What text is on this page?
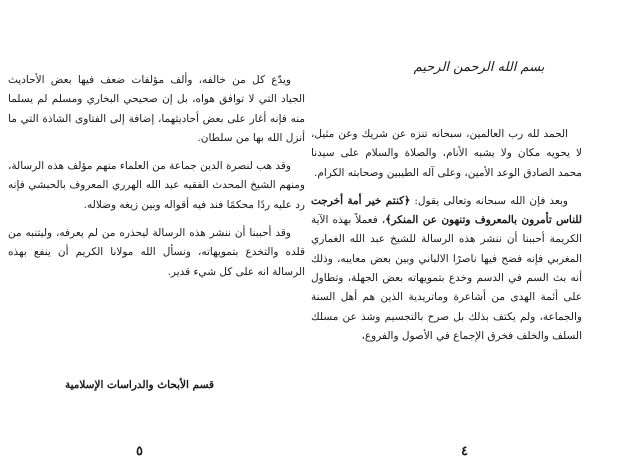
ويدّع كل من خالفه، وألف مؤلفات ضعف فيها بعض الأحاديث الجياد التي لا توافق هواه، بل إن صحيحي البخاري ومسلم لم يسلما منه فإنه أغار على بعض أحاديثهما، إضافة إلى الفتاوى الشاذة التي ما أنزل الله بها من سلطان.

وقد هب لنصرة الدين جماعة من العلماء منهم مؤلف هذه الرسالة، ومنهم الشيخ المحدث الفقيه عبد الله الهرري المعروف بالحبشي فإنه رد عليه ردًا محكمًا فند فيه أقواله وبين زيغه وضلاله.

وقد أحببنا أن ننشر هذه الرسالة ليحذره من لم يعرفه، وليتنبه من قلده والتخدع بتمويهاته، ونسأل الله مولانا الكريم أن ينفع بهذه الرسالة انه على كل شيء قدير.

قسم الأبحاث والدراسات الإسلامية
٥

الحمد لله رب العالمين، سبحانه تنزه عن شريك وعن مثيل، لا يحويه مكان ولا يشبه الأنام، والصلاة والسلام على سيدنا محمد الصادق الوعد الأمين، وعلى آله الطيبين وصحابته الكرام.

وبعد فإن الله سبحانه وتعالى يقول: ﴿كنتم خير أمة أخرجت للناس تأمرون بالمعروف وتنهون عن المنكر﴾، فعملاً بهذه الآية الكريمة أحببنا أن ننشر هذه الرسالة للشيخ عبد الله الغماري المغربي فإنه فضح فيها ناصرًا الالباني وبين بعض معايبه، وذلك أنه بث السم في الدسم وخدع بتمويهاته بعض الجهلة، وتطاول على أئمة الهدى من أشاعرة وماتريدية الذين هم أهل السنة والجماعة، ولم يكتف بذلك بل صرح بالتجسيم وشذ عن مسلك السلف والخلف فخرق الإجماع في الأصول والفروع،

بسم الله الرحمن الرحيم
٤
